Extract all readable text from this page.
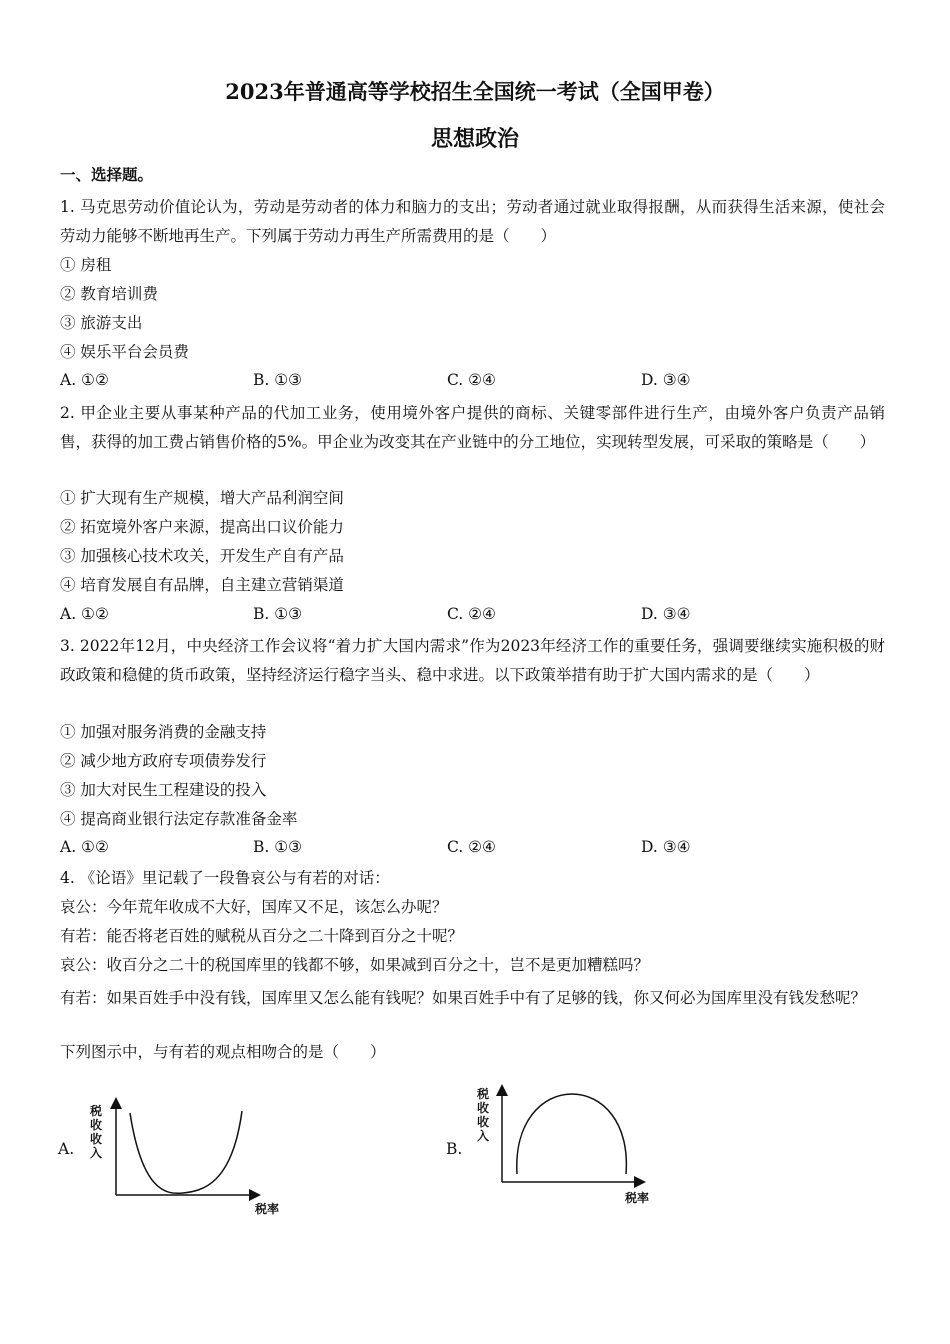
2023年普通高等学校招生全国统一考试（全国甲卷）
思想政治
一、选择题。
1. 马克思劳动价值论认为，劳动是劳动者的体力和脑力的支出；劳动者通过就业取得报酬，从而获得生活来源，使社会劳动力能够不断地再生产。下列属于劳动力再生产所需费用的是（　　）
① 房租
② 教育培训费
③ 旅游支出
④ 娱乐平台会员费
A. ①②	B. ①③	C. ②④	D. ③④
2. 甲企业主要从事某种产品的代加工业务，使用境外客户提供的商标、关键零部件进行生产，由境外客户负责产品销售，获得的加工费占销售价格的5%。甲企业为改变其在产业链中的分工地位，实现转型发展，可采取的策略是（　　）
① 扩大现有生产规模，增大产品利润空间
② 拓宽境外客户来源，提高出口议价能力
③ 加强核心技术攻关，开发生产自有产品
④ 培育发展自有品牌，自主建立营销渠道
A. ①②	B. ①③	C. ②④	D. ③④
3. 2022年12月，中央经济工作会议将“着力扩大国内需求”作为2023年经济工作的重要任务，强调要继续实施积极的财政政策和稳健的货币政策，坚持经济运行稳字当头、稳中求进。以下政策举措有助于扩大国内需求的是（　　）
① 加强对服务消费的金融支持
② 减少地方政府专项债券发行
③ 加大对民生工程建设的投入
④ 提高商业银行法定存款准备金率
A. ①②	B. ①③	C. ②④	D. ③④
4. 《论语》里记载了一段鲁哀公与有若的对话：
哀公：今年荒年收成不大好，国库又不足，该怎么办呢？
有若：能否将老百姓的赋税从百分之二十降到百分之十呢？
哀公：收百分之二十的税国库里的钱都不够，如果减到百分之十，岂不是更加糟糕吗？
有若：如果百姓手中没有钱，国库里又怎么能有钱呢？如果百姓手中有了足够的钱，你又何必为国库里没有钱发愁呢？
下列图示中，与有若的观点相吻合的是（　　）
A.
税
收
收
入
税率
B.
税
收
收
入
税率
